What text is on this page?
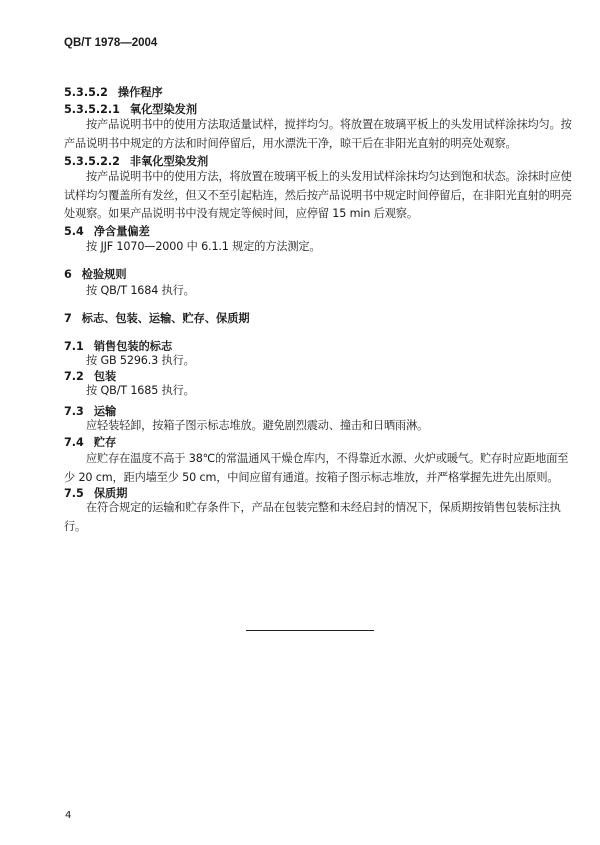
QB/T 1978—2004
5.3.5.2 操作程序
5.3.5.2.1 氧化型染发剂
按产品说明书中的使用方法取适量试样，搅拌均匀。将放置在玻璃平板上的头发用试样涂抹均匀。按产品说明书中规定的方法和时间停留后，用水漂洗干净，晾干后在非阳光直射的明亮处观察。
5.3.5.2.2 非氧化型染发剂
按产品说明书中的使用方法，将放置在玻璃平板上的头发用试样涂抹均匀达到饱和状态。涂抹时应使试样均匀覆盖所有发丝，但又不至引起粘连，然后按产品说明书中规定时间停留后，在非阳光直射的明亮处观察。如果产品说明书中没有规定等候时间，应停留 15 min 后观察。
5.4 净含量偏差
按 JJF 1070—2000 中 6.1.1 规定的方法测定。
6 检验规则
按 QB/T 1684 执行。
7 标志、包装、运输、贮存、保质期
7.1 销售包装的标志
按 GB 5296.3 执行。
7.2 包装
按 QB/T 1685 执行。
7.3 运输
应轻装轻卸，按箱子图示标志堆放。避免剧烈震动、撞击和日晒雨淋。
7.4 贮存
应贮存在温度不高于 38℃的常温通风干燥仓库内，不得靠近水源、火炉或暖气。贮存时应距地面至少 20 cm，距内墙至少 50 cm，中间应留有通道。按箱子图示标志堆放，并严格掌握先进先出原则。
7.5 保质期
在符合规定的运输和贮存条件下，产品在包装完整和未经启封的情况下，保质期按销售包装标注执行。
4
